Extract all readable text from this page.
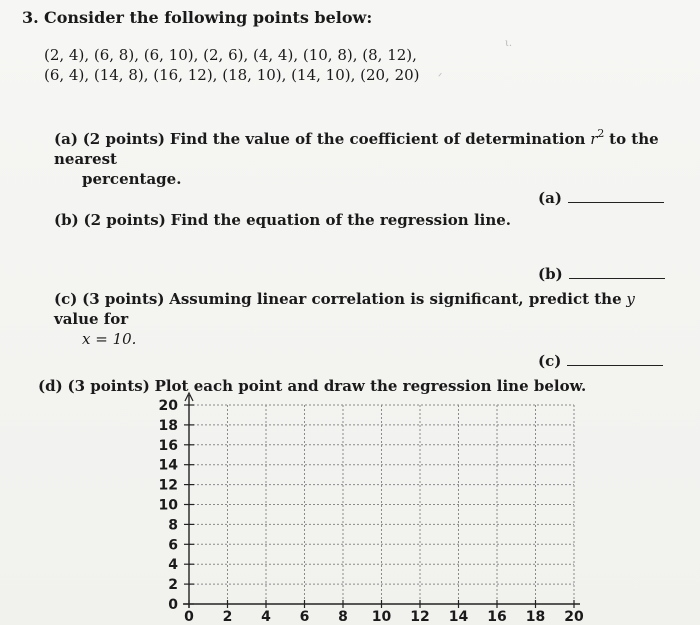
3. Consider the following points below:
(2, 4), (6, 8), (6, 10), (2, 6), (4, 4), (10, 8), (8, 12),
(6, 4), (14, 8), (16, 12), (18, 10), (14, 10), (20, 20)
(a) (2 points) Find the value of the coefficient of determination $r^2$ to the nearest
percentage.
(a)
(b) (2 points) Find the equation of the regression line.
(b)
(c) (3 points) Assuming linear correlation is significant, predict the y value for
x = 10.
(c)
(d) (3 points) Plot each point and draw the regression line below.
ι.
ᐟ
0
2
4
6
8
10
12
14
16
18
20
0 2 4 6 8 10 12 14 16 18 20
